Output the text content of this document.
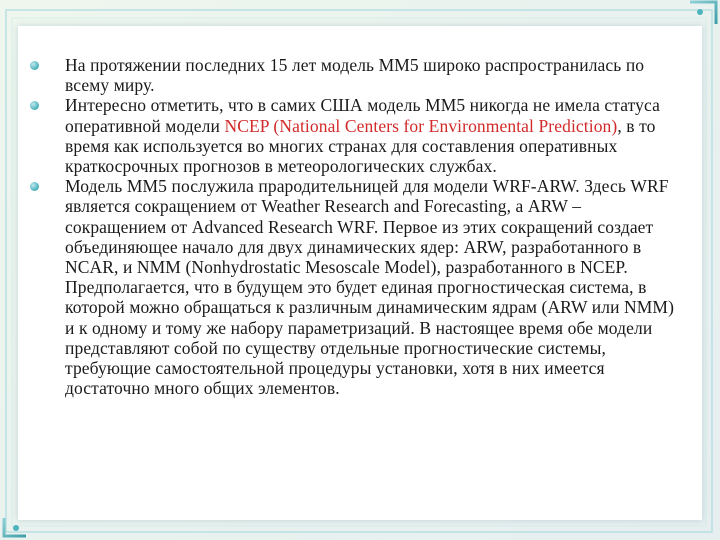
На протяжении последних 15 лет модель ММ5 широко распространилась по всему миру.
Интересно отметить, что в самих США модель ММ5 никогда не имела статуса оперативной модели NCEP (National Centers for Environmental Prediction), в то время как используется во многих странах для составления оперативных краткосрочных прогнозов в метеорологических службах.
Модель ММ5 послужила прародительницей для модели WRF-ARW. Здесь WRF является сокращением от Weather Research and Forecasting, а ARW – сокращением от Advanced Research WRF. Первое из этих сокращений создает объединяющее начало для двух динамических ядер: ARW, разработанного в NCAR, и NMM (Nonhydrostatic Mesoscale Model), разработанного в NCEP. Предполагается, что в будущем это будет единая прогностическая система, в которой можно обращаться к различным динамическим ядрам (ARW или NMM) и к одному и тому же набору параметризаций. В настоящее время обе модели представляют собой по существу отдельные прогностические системы, требующие самостоятельной процедуры установки, хотя в них имеется достаточно много общих элементов.
